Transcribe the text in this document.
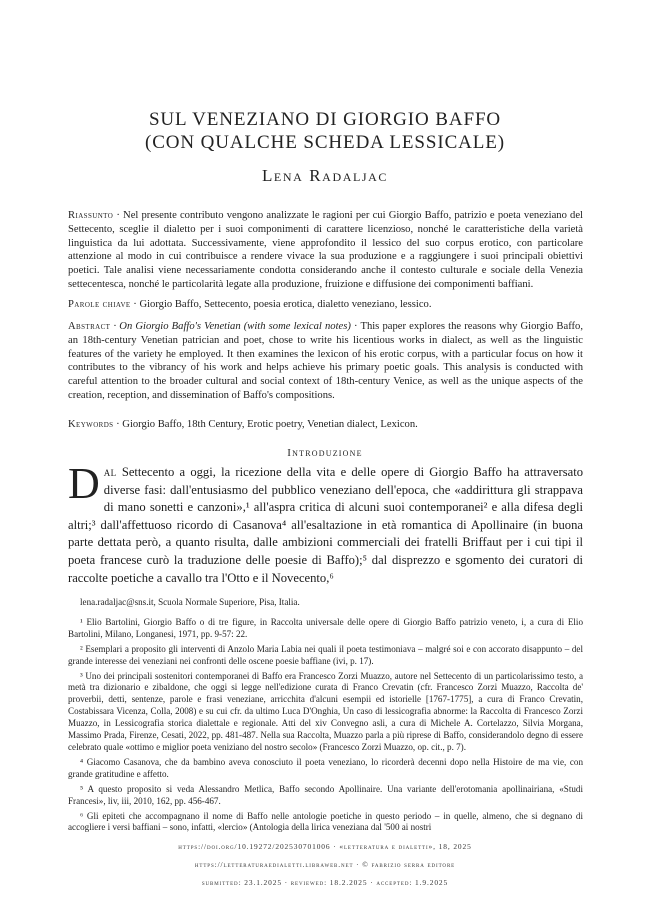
SUL VENEZIANO DI GIORGIO BAFFO
(CON QUALCHE SCHEDA LESSICALE)
Lena Radaljac

Riassunto · Nel presente contributo vengono analizzate le ragioni per cui Giorgio Baffo, patrizio e poeta veneziano del Settecento, sceglie il dialetto per i suoi componimenti di carattere licenzioso, nonché le caratteristiche della varietà linguistica da lui adottata. Successivamente, viene approfondito il lessico del suo corpus erotico, con particolare attenzione al modo in cui contribuisce a rendere vivace la sua produzione e a raggiungere i suoi principali obiettivi poetici. Tale analisi viene necessariamente condotta considerando anche il contesto culturale e sociale della Venezia settecentesca, nonché le particolarità legate alla produzione, fruizione e diffusione dei componimenti baffiani.

Parole chiave · Giorgio Baffo, Settecento, poesia erotica, dialetto veneziano, lessico.

Abstract · On Giorgio Baffo's Venetian (with some lexical notes) · This paper explores the reasons why Giorgio Baffo, an 18th-century Venetian patrician and poet, chose to write his licentious works in dialect, as well as the linguistic features of the variety he employed. It then examines the lexicon of his erotic corpus, with a particular focus on how it contributes to the vibrancy of his work and helps achieve his primary poetic goals. This analysis is conducted with careful attention to the broader cultural and social context of 18th-century Venice, as well as the unique aspects of the creation, reception, and dissemination of Baffo's compositions.

Keywords · Giorgio Baffo, 18th Century, Erotic poetry, Venetian dialect, Lexicon.

Introduzione
Dal Settecento a oggi, la ricezione della vita e delle opere di Giorgio Baffo ha attraversato diverse fasi: dall'entusiasmo del pubblico veneziano dell'epoca, che «addirittura gli strappava di mano sonetti e canzoni»,¹ all'aspra critica di alcuni suoi contemporanei² e alla difesa degli altri;³ dall'affettuoso ricordo di Casanova⁴ all'esaltazione in età romantica di Apollinaire (in buona parte dettata però, a quanto risulta, dalle ambizioni commerciali dei fratelli Briffaut per i cui tipi il poeta francese curò la traduzione delle poesie di Baffo);⁵ dal disprezzo e sgomento dei curatori di raccolte poetiche a cavallo tra l'Otto e il Novecento,⁶

lena.radaljac@sns.it, Scuola Normale Superiore, Pisa, Italia.

¹ Elio Bartolini, Giorgio Baffo o di tre figure, in Raccolta universale delle opere di Giorgio Baffo patrizio veneto, i, a cura di Elio Bartolini, Milano, Longanesi, 1971, pp. 9-57: 22.

² Esemplari a proposito gli interventi di Anzolo Maria Labia nei quali il poeta testimoniava – malgré soi e con accorato disappunto – del grande interesse dei veneziani nei confronti delle oscene poesie baffiane (ivi, p. 17).

³ Uno dei principali sostenitori contemporanei di Baffo era Francesco Zorzi Muazzo, autore nel Settecento di un particolarissimo testo, a metà tra dizionario e zibaldone, che oggi si legge nell'edizione curata di Franco Crevatin (cfr. Francesco Zorzi Muazzo, Raccolta de' proverbii, detti, sentenze, parole e frasi veneziane, arricchita d'alcuni esempii ed istorielle [1767-1775], a cura di Franco Crevatin, Costabissara Vicenza, Colla, 2008) e su cui cfr. da ultimo Luca D'Onghia, Un caso di lessicografia abnorme: la Raccolta di Francesco Zorzi Muazzo, in Lessicografia storica dialettale e regionale. Atti del xiv Convegno asli, a cura di Michele A. Cortelazzo, Silvia Morgana, Massimo Prada, Firenze, Cesati, 2022, pp. 481-487. Nella sua Raccolta, Muazzo parla a più riprese di Baffo, considerandolo degno di essere celebrato quale «ottimo e miglior poeta veniziano del nostro secolo» (Francesco Zorzi Muazzo, op. cit., p. 7).

⁴ Giacomo Casanova, che da bambino aveva conosciuto il poeta veneziano, lo ricorderà decenni dopo nella Histoire de ma vie, con grande gratitudine e affetto.

⁵ A questo proposito si veda Alessandro Metlica, Baffo secondo Apollinaire. Una variante dell'erotomania apollinairiana, «Studi Francesi», liv, iii, 2010, 162, pp. 456-467.

⁶ Gli epiteti che accompagnano il nome di Baffo nelle antologie poetiche in questo periodo – in quelle, almeno, che si degnano di accogliere i versi baffiani – sono, infatti, «lercio» (Antologia della lirica veneziana dal '500 ai nostri

https://doi.org/10.19272/202530701006 · «letteratura e dialetti», 18, 2025
https://letteraturaedialetti.libraweb.net · © fabrizio serra editore
submitted: 23.1.2025 · reviewed: 18.2.2025 · accepted: 1.9.2025
